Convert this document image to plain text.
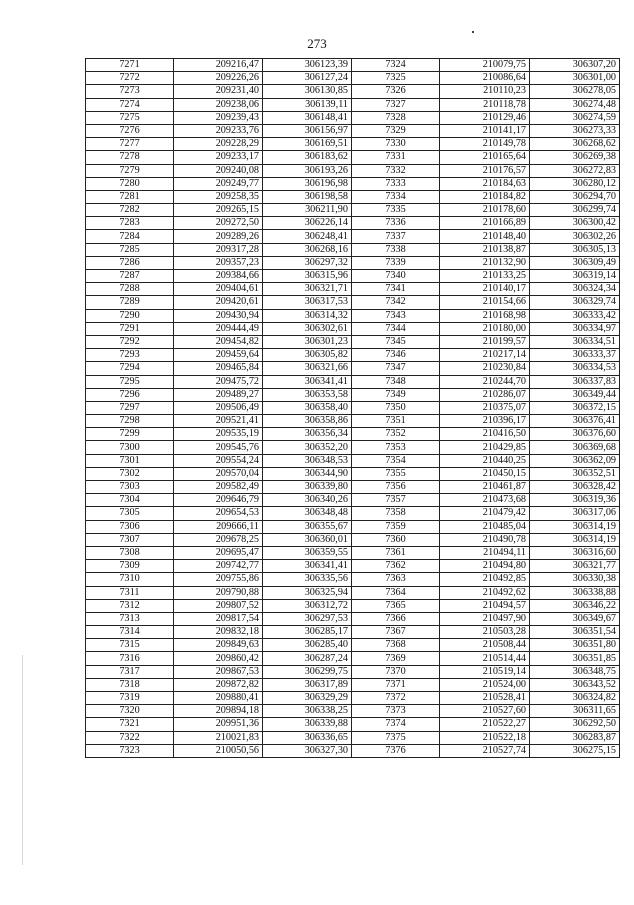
273
7271	209216,47	306123,39	7324	210079,75	306307,20
7272	209226,26	306127,24	7325	210086,64	306301,00
7273	209231,40	306130,85	7326	210110,23	306278,05
7274	209238,06	306139,11	7327	210118,78	306274,48
7275	209239,43	306148,41	7328	210129,46	306274,59
7276	209233,76	306156,97	7329	210141,17	306273,33
7277	209228,29	306169,51	7330	210149,78	306268,62
7278	209233,17	306183,62	7331	210165,64	306269,38
7279	209240,08	306193,26	7332	210176,57	306272,83
7280	209249,77	306196,98	7333	210184,63	306280,12
7281	209258,35	306198,58	7334	210184,82	306294,70
7282	209265,15	306211,90	7335	210178,60	306299,74
7283	209272,50	306226,14	7336	210166,89	306300,42
7284	209289,26	306248,41	7337	210148,40	306302,26
7285	209317,28	306268,16	7338	210138,87	306305,13
7286	209357,23	306297,32	7339	210132,90	306309,49
7287	209384,66	306315,96	7340	210133,25	306319,14
7288	209404,61	306321,71	7341	210140,17	306324,34
7289	209420,61	306317,53	7342	210154,66	306329,74
7290	209430,94	306314,32	7343	210168,98	306333,42
7291	209444,49	306302,61	7344	210180,00	306334,97
7292	209454,82	306301,23	7345	210199,57	306334,51
7293	209459,64	306305,82	7346	210217,14	306333,37
7294	209465,84	306321,66	7347	210230,84	306334,53
7295	209475,72	306341,41	7348	210244,70	306337,83
7296	209489,27	306353,58	7349	210286,07	306349,44
7297	209506,49	306358,40	7350	210375,07	306372,15
7298	209521,41	306358,86	7351	210396,17	306376,41
7299	209535,19	306356,34	7352	210416,50	306376,60
7300	209545,76	306352,20	7353	210429,85	306369,68
7301	209554,24	306348,53	7354	210440,25	306362,09
7302	209570,04	306344,90	7355	210450,15	306352,51
7303	209582,49	306339,80	7356	210461,87	306328,42
7304	209646,79	306340,26	7357	210473,68	306319,36
7305	209654,53	306348,48	7358	210479,42	306317,06
7306	209666,11	306355,67	7359	210485,04	306314,19
7307	209678,25	306360,01	7360	210490,78	306314,19
7308	209695,47	306359,55	7361	210494,11	306316,60
7309	209742,77	306341,41	7362	210494,80	306321,77
7310	209755,86	306335,56	7363	210492,85	306330,38
7311	209790,88	306325,94	7364	210492,62	306338,88
7312	209807,52	306312,72	7365	210494,57	306346,22
7313	209817,54	306297,53	7366	210497,90	306349,67
7314	209832,18	306285,17	7367	210503,28	306351,54
7315	209849,63	306285,40	7368	210508,44	306351,80
7316	209860,42	306287,24	7369	210514,44	306351,85
7317	209867,53	306299,75	7370	210519,14	306348,75
7318	209872,82	306317,89	7371	210524,00	306343,52
7319	209880,41	306329,29	7372	210528,41	306324,82
7320	209894,18	306338,25	7373	210527,60	306311,65
7321	209951,36	306339,88	7374	210522,27	306292,50
7322	210021,83	306336,65	7375	210522,18	306283,87
7323	210050,56	306327,30	7376	210527,74	306275,15
